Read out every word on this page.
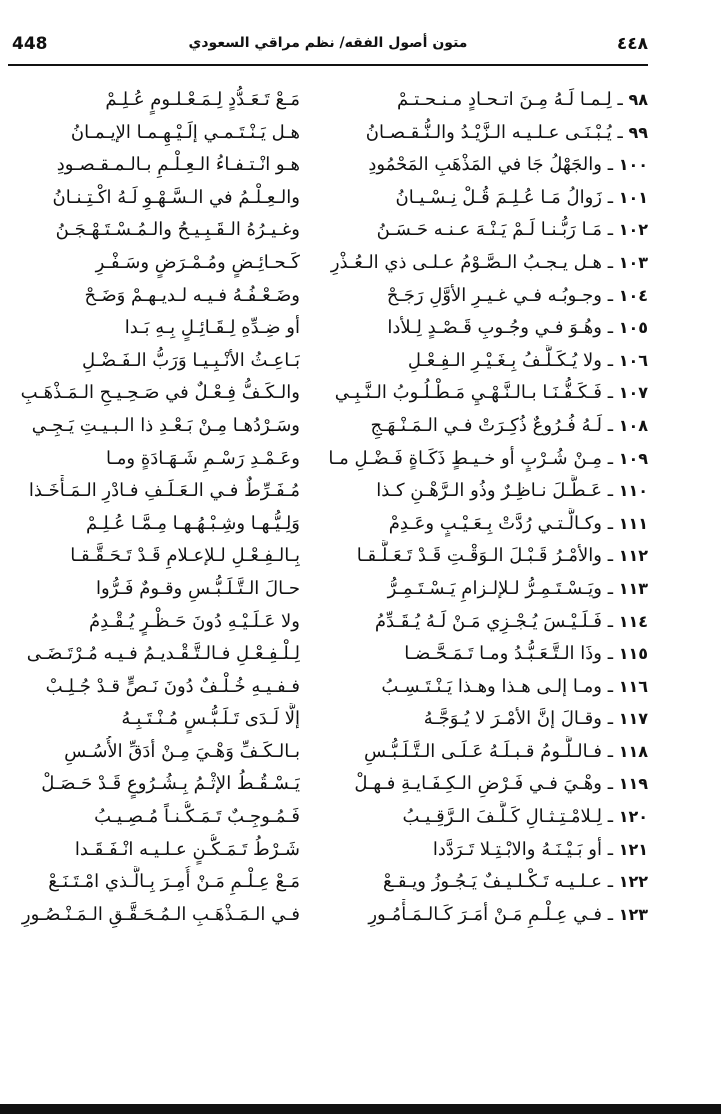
448	متون أصول الفقه/ نظم مراقي السعودي	٤٤٨
٩٨ ـ لِـمـا لَـهُ مِـنَ اتـحـادٍ مـنـحـتـمْ
مَـعْ تَـعَـدُّدٍ لِـمَـعْـلـومٍ عُـلِـمْ
٩٩ ـ يُـبْـنَـى عـلـيـه الـزَّيْـدُ والـنُّـقـصـانُ
هـل يَـنْـتَـمـي إلَـيْـهِـمـا الإيـمـانُ
١٠٠ ـ والجَهْلُ جَا في المَذْهَبِ المَحْمُودِ
هـو انْـتـفـاءُ الـعِـلْـمِ بـالـمـقـصـودِ
١٠١ ـ زَوالُ مَـا عُـلِـمَ قُـلْ نِـسْـيـانُ
والـعِـلْـمُ في الـسَّـهْـوِ لَـهُ اكْـتِـنـانُ
١٠٢ ـ مَـا رَبُّـنـا لَـمْ يَـنْـهَ عـنـه حَـسَـنُ
وغـيـرُهُ الـقَـبِـيـحُ والـمُـسْـتَـهْـجَـنُ
١٠٣ ـ هـل يـجـبُ الـصَّـوْمُ عـلـى ذي الـعُـذْرِ
كَـحـائِـضٍ ومُـمْـرَضٍ وسَـفْـرِ
١٠٤ ـ وجـوبُـه فـي غـيـرِ الأوَّلِ رَجَـحْ
وضَـعْـفُـهُ فـيـه لـديـهـمْ وَضَـحْ
١٠٥ ـ وهُـوَ فـي وجُـوبِ قَـصْـدٍ لِـلأدا
أو ضِـدِّهِ لِـقَـائِـلٍ بِـهِ بَـدا
١٠٦ ـ ولا يُـكَـلَّـفُ بِـغَـيْـرِ الـفِـعْـلِ
بَـاعِـثُ الأنْـبِـيـا وَرَبُّ الـفَـضْـلِ
١٠٧ ـ فَـكَـفُّـنَـا بـالـنَّـهْـيِ مَـطْـلُـوبُ الـنَّـبِـي
والـكَـفُّ فِـعْـلٌ في صَـحِـيـحِ الـمَـذْهَـبِ
١٠٨ ـ لَـهُ فُـرُوعٌ ذُكِـرَتْ فـي الـمَـنْـهَـجِ
وسَـرْدُهـا مِـنْ بَـعْـدِ ذا الـبـيـتِ يَـجِـي
١٠٩ ـ مِـنْ شُـرْبٍ أو خـيـطٍ ذَكَـاةٍ فَـضْـلِ مـا
وعَـمْـدِ رَسْـمِ شَـهَـادَةٍ ومـا
١١٠ ـ عَـطَّـلَ نـاظِـرٌ وذُو الـرَّهْـنِ كـذا
مُـفَـرِّطٌ فـي الـعَـلَـفِ فـادْرِ الـمَـأْخَـذا
١١١ ـ وكـالَّـتـي رُدَّتْ بِـعَـيْـبٍ وعَـدِمْ
وَلِـيُّـهـا وشِـبْـهُـهـا مِـمَّـا عُـلِـمْ
١١٢ ـ والأمْـرُ قَـبْـلَ الـوَقْـتِ قَـدْ تَـعَـلَّـقـا
بِـالـفِـعْـلِ لـلإعـلامِ قَـدْ تَـحَـقَّـقـا
١١٣ ـ ويَـسْـتَـمِـرُّ لـلإلـزامِ يَـسْـتَـمِـرُّ
حـالَ الـتَّـلَـبُّـسِ وقـومٌ فَـرُّوا
١١٤ ـ فَـلَـيْـسَ يُـجْـزِي مَـنْ لَـهُ يُـقَـدِّمُ
ولا عَـلَـيْـهِ دُونَ حَـظْـرٍ يُـقْـدِمُ
١١٥ ـ وذَا الـتَّـعَـبُّـدُ ومـا تَـمَـحَّـضـا
لِـلْـفِـعْـلِ فـالـتَّـقْـديـمُ فـيـه مُـرْتَـضَـى
١١٦ ـ ومـا إلـى هـذا وهـذا يَـنْـتَـسِـبُ
فـفـيـهِ خُـلْـفٌ دُونَ نَـصٍّ قـدْ جُـلِـبْ
١١٧ ـ وقـالَ إنَّ الأمْـرَ لا يُـوَجَّـهُ
إلَّا لَـدَى تَـلَـبُّـسٍ مُـنْـتَـبِـهُ
١١٨ ـ فـالـلَّـومُ قـبـلَـهُ عَـلَـى الـتَّـلَـبُّـسِ
بـالـكَـفِّ وَهْـيَ مِـنْ أدَقِّ الأُسُـسِ
١١٩ ـ وهْـيَ فـي فَـرْضِ الـكِـفَـايـةِ فـهـلْ
يَـسْـقُـطُ الإثْـمُ بِـشُـرُوعٍ قَـدْ حَـصَـلْ
١٢٠ ـ لِـلامْـتِـثـالِ كَـلَّـفَ الـرَّقِـيـبُ
فَـمُـوجِـبٌ تَـمَـكُّـنـاً مُـصِـيـبُ
١٢١ ـ أو بَـيْـنَـهُ والابْـتِـلا تَـرَدَّدا
شَـرْطُ تَـمَـكُّـنٍ عـلـيـه انْـفَـقَـدا
١٢٢ ـ عـلـيـه تَـكْـلـيـفٌ يَـجُـوزُ ويـقـعْ
مَـعْ عِـلْـمِ مَـنْ أُمِـرَ بِـالَّـذي امْـتَـنَـعْ
١٢٣ ـ فـي عِـلْـمِ مَـنْ أمَـرَ كَـالـمَـأْمُـورِ
فـي الـمَـذْهَـبِ الـمُـحَـقَّـقِ الـمَـنْـصُـورِ
